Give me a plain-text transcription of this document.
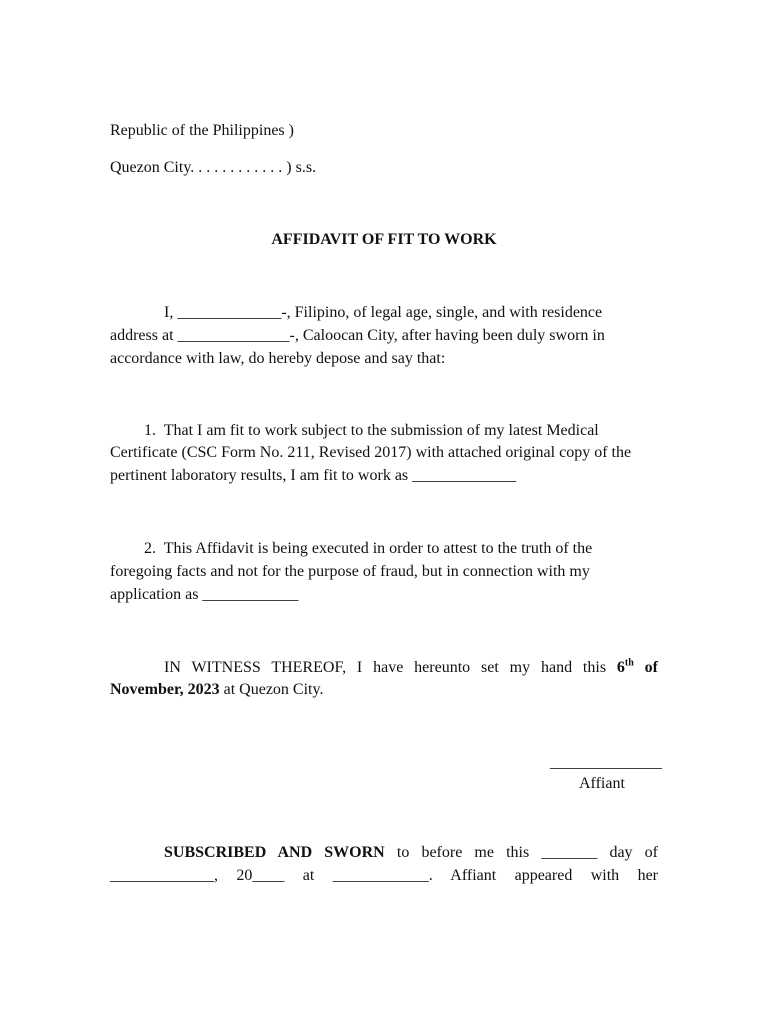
Republic of the Philippines )
Quezon City. . . . . . . . . . . . ) s.s.
AFFIDAVIT OF FIT TO WORK
I, _____________-, Filipino, of legal age, single, and with residence
address at ______________-, Caloocan City, after having been duly sworn in
accordance with law, do hereby depose and say that:
1.  That I am fit to work subject to the submission of my latest Medical
Certificate (CSC Form No. 211, Revised 2017) with attached original copy of the
pertinent laboratory results, I am fit to work as _____________
2.  This Affidavit is being executed in order to attest to the truth of the
foregoing facts and not for the purpose of fraud, but in connection with my
application as ____________
IN WITNESS THEREOF, I have hereunto set my hand this 6th of
November, 2023 at Quezon City.
______________
Affiant
SUBSCRIBED AND SWORN to before me this _______ day of
_____________, 20____ at ____________. Affiant appeared with her
